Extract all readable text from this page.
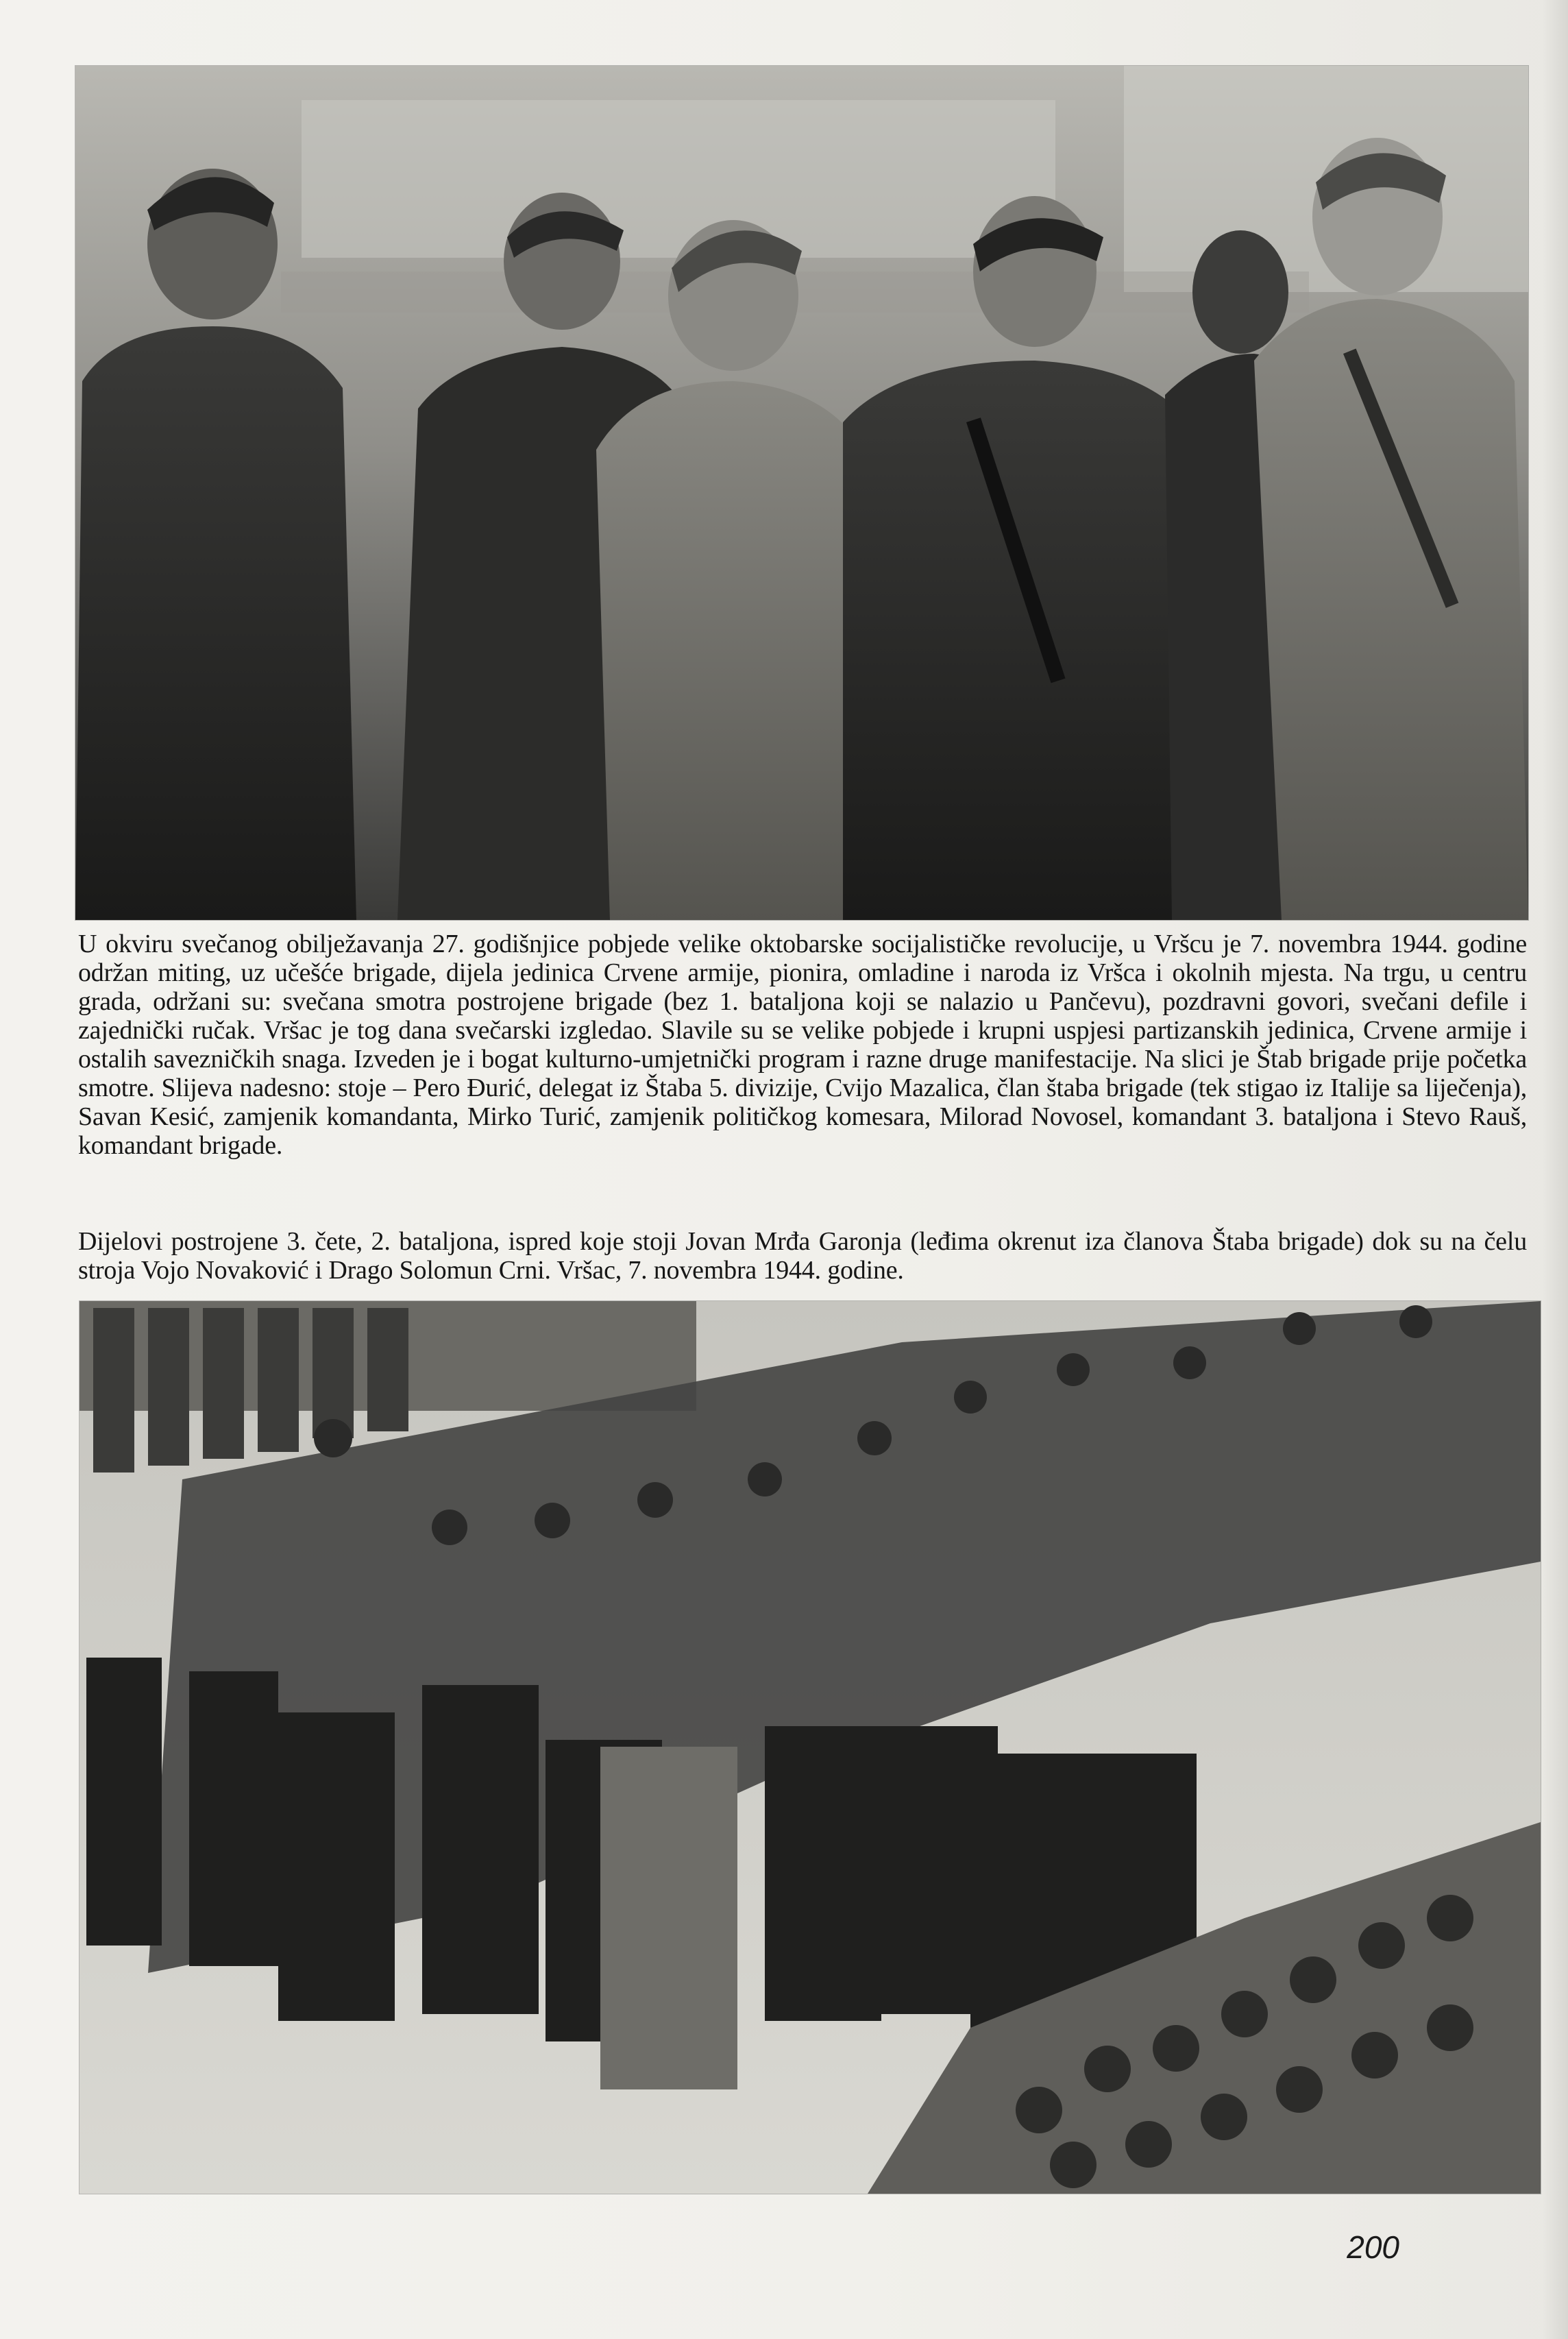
U okviru svečanog obilježavanja 27. godišnjice pobjede velike oktobarske socijalističke revolucije, u Vršcu je 7. novembra 1944. godine održan miting, uz učešće brigade, dijela jedinica Crvene armije, pionira, omladine i naroda iz Vršca i okolnih mjesta. Na trgu, u centru grada, održani su: svečana smotra postrojene brigade (bez 1. bataljona koji se nalazio u Pančevu), pozdravni govori, svečani defile i zajednički ručak. Vršac je tog dana svečarski izgledao. Slavile su se velike pobjede i krupni uspjesi partizanskih jedinica, Crvene armije i ostalih savezničkih snaga. Izveden je i bogat kulturno-umjetnički program i razne druge manifestacije. Na slici je Štab brigade prije početka smotre. Slijeva nadesno: stoje – Pero Đurić, delegat iz Štaba 5. divizije, Cvijo Mazalica, član štaba brigade (tek stigao iz Italije sa liječenja), Savan Kesić, zamjenik komandanta, Mirko Turić, zamjenik političkog komesara, Milorad Novosel, komandant 3. bataljona i Stevo Rauš, komandant brigade.

Dijelovi postrojene 3. čete, 2. bataljona, ispred koje stoji Jovan Mrđa Garonja (leđima okrenut iza članova Štaba brigade) dok su na čelu stroja Vojo Novaković i Drago Solomun Crni. Vršac, 7. novembra 1944. godine.

200
